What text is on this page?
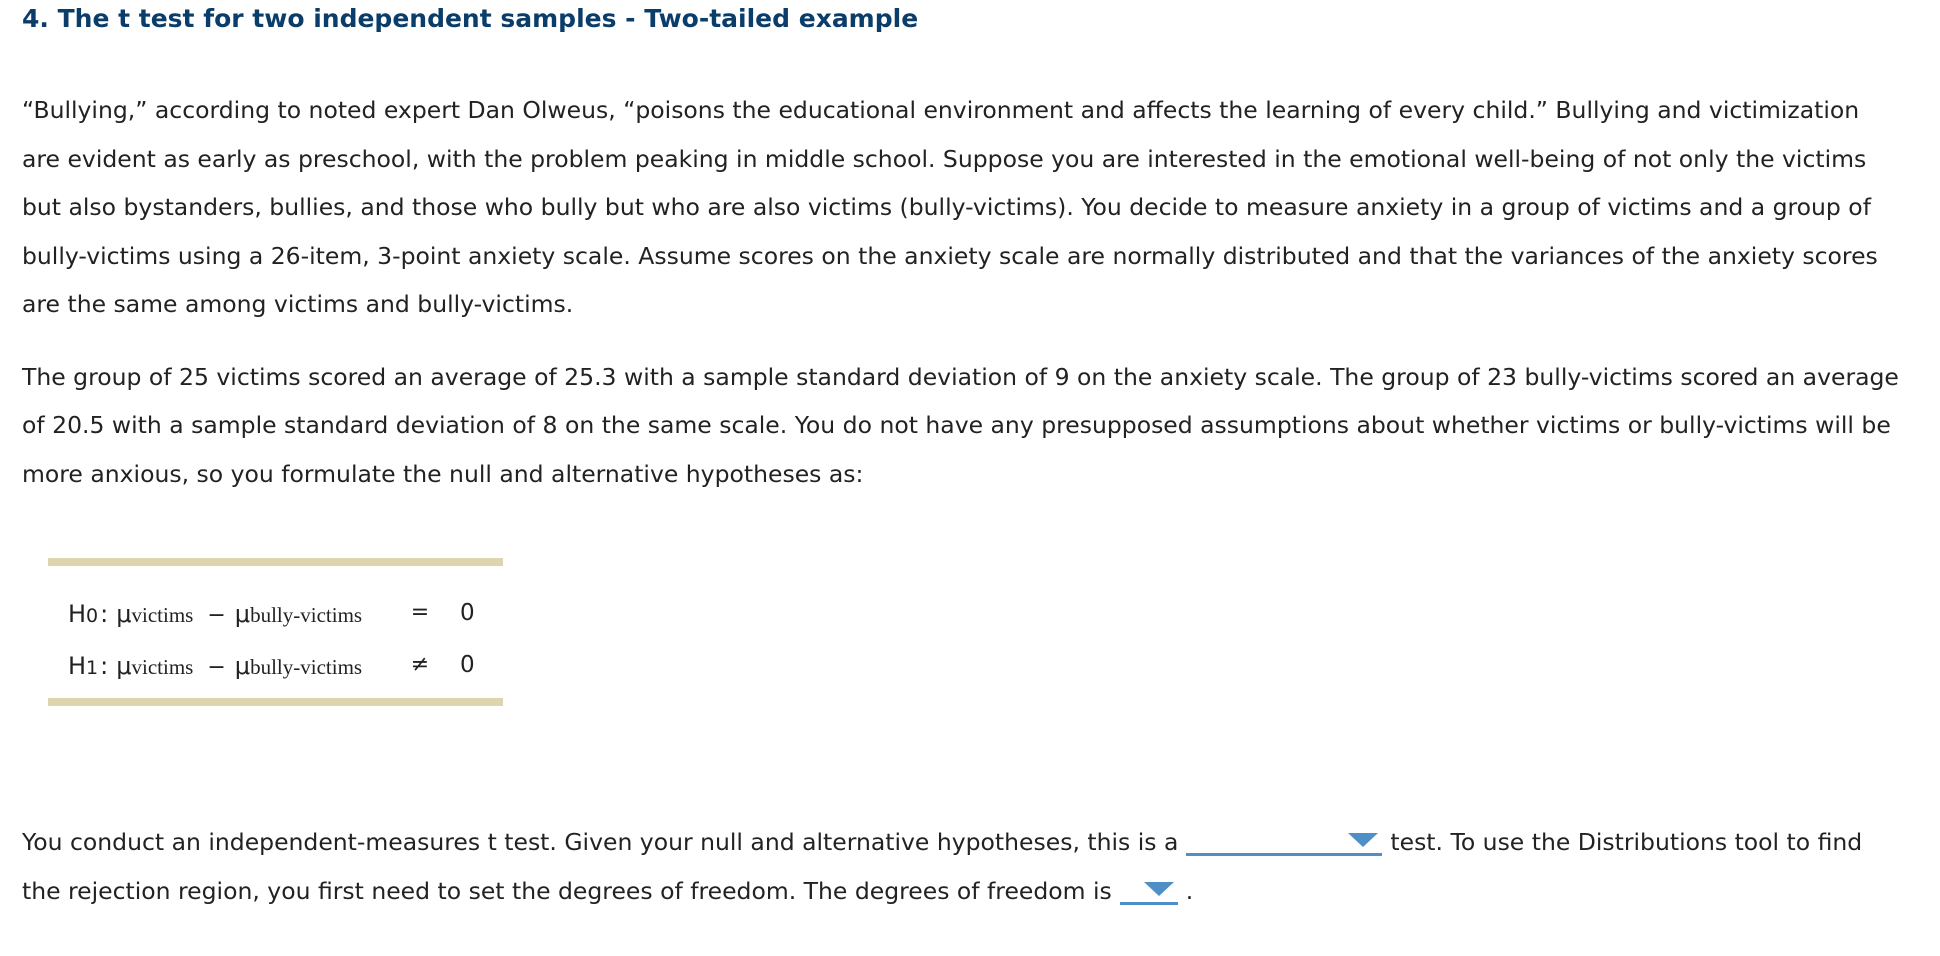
4. The t test for two independent samples - Two-tailed example

“Bullying,” according to noted expert Dan Olweus, “poisons the educational environment and affects the learning of every child.” Bullying and victimization are evident as early as preschool, with the problem peaking in middle school. Suppose you are interested in the emotional well-being of not only the victims but also bystanders, bullies, and those who bully but who are also victims (bully-victims). You decide to measure anxiety in a group of victims and a group of bully-victims using a 26-item, 3-point anxiety scale. Assume scores on the anxiety scale are normally distributed and that the variances of the anxiety scores are the same among victims and bully-victims.

The group of 25 victims scored an average of 25.3 with a sample standard deviation of 9 on the anxiety scale. The group of 23 bully-victims scored an average of 20.5 with a sample standard deviation of 8 on the same scale. You do not have any presupposed assumptions about whether victims or bully-victims will be more anxious, so you formulate the null and alternative hypotheses as:

H 0 : μ victims − μ bully-victims = 0
H 1 : μ victims − μ bully-victims ≠ 0

You conduct an independent-measures t test. Given your null and alternative hypotheses, this is a	test. To use the Distributions tool to find the rejection region, you first need to set the degrees of freedom. The degrees of freedom is	.
